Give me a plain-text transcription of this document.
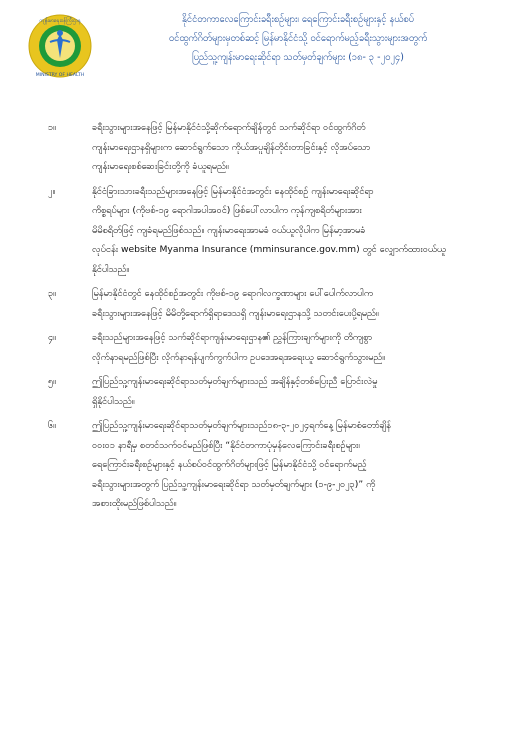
ကျန်းမာရေးဝန်ကြီးဌာန
MINISTRY OF HEALTH
နိုင်ငံတကာလေကြောင်းခရီးစဉ်များ၊ ရေကြောင်းခရီးစဉ်များနှင့် နယ်စပ်
ဝင်ထွက်ဂိတ်များမှတစ်ဆင့် မြန်မာနိုင်ငံသို့ ဝင်ရောက်မည့်ခရီးသွားများအတွက်
ပြည်သူ့ကျန်းမာရေးဆိုင်ရာ သတ်မှတ်ချက်များ (၁၈- ၃ -၂၀၂၄)
၁။	ခရီးသွားများအနေဖြင့် မြန်မာနိုင်ငံသို့ဆိုက်ရောက်ချိန်တွင် သက်ဆိုင်ရာ ဝင်ထွက်ဂိတ်
ကျန်းမာရေးဌာနရှိများက ဆောင်ရွက်သော ကိုယ်အပူချိန်တိုင်းတာခြင်းနှင့် လိုအပ်သော
ကျန်းမာရေးစစ်ဆေးခြင်းတို့ကို ခံယူရမည်။
၂။	နိုင်ငံခြားသားခရီးသည်များအနေဖြင့် မြန်မာနိုင်ငံအတွင်း နေထိုင်စဉ် ကျန်းမာရေးဆိုင်ရာ
ကိစ္စရပ်များ (ကိုဗစ်-၁၉ ရောဂါအပါအဝင်) ဖြစ်ပေါ်လာပါက ကုန်ကျစရိတ်များအား
မိမိစရိတ်ဖြင့် ကျခံရမည်ဖြစ်သည်။ ကျန်းမာရေးအာမခံ ဝယ်ယူလိုပါက မြန်မာ့အာမခံ
လုပ်ငန်း website Myanma Insurance (mminsurance.gov.mm) တွင် လျှောက်ထားဝယ်ယူ
နိုင်ပါသည်။
၃။	မြန်မာနိုင်ငံတွင် နေထိုင်စဉ်အတွင်း ကိုဗစ်-၁၉ ရောဂါလက္ခဏာများ ပေါ်ပေါက်လာပါက
ခရီးသွားများအနေဖြင့် မိမိတို့ရောက်ရှိရာဒေသရှိ ကျန်းမာရေးဌာနသို့ သတင်းပေးပို့ရမည်။
၄။	ခရီးသည်များအနေဖြင့် သက်ဆိုင်ရာကျန်းမာရေးဌာန၏ ညွှန်ကြားချက်များကို တိကျစွာ
လိုက်နာရမည်ဖြစ်ပြီး လိုက်နာရန်ပျက်ကွက်ပါက ဥပဒေအရအရေးယူ ဆောင်ရွက်သွားမည်။
၅။	ဤပြည်သူ့ကျန်းမာရေးဆိုင်ရာသတ်မှတ်ချက်များသည် အချိန်နှင့်တစ်ပြေးညီ ပြောင်းလဲမှု
ရှိနိုင်ပါသည်။
၆။	ဤပြည်သူ့ကျန်းမာရေးဆိုင်ရာသတ်မှတ်ချက်များသည်၁၈-၃-၂၀၂၄ရက်နေ့ မြန်မာစံတော်ချိန်
၀၀း၀၁ နာရီမှ စတင်သက်ဝင်မည်ဖြစ်ပြီး “နိုင်ငံတကာပုံမှန်လေကြောင်းခရီးစဉ်များ၊
ရေကြောင်းခရီးစဉ်များနှင့် နယ်စပ်ဝင်ထွက်ဂိတ်များဖြင့် မြန်မာနိုင်ငံသို့ ဝင်ရောက်မည့်
ခရီးသွားများအတွက် ပြည်သူ့ကျန်းမာရေးဆိုင်ရာ သတ်မှတ်ချက်များ (၁-၉-၂၀၂၃)” ကို
အစားထိုးမည်ဖြစ်ပါသည်။
